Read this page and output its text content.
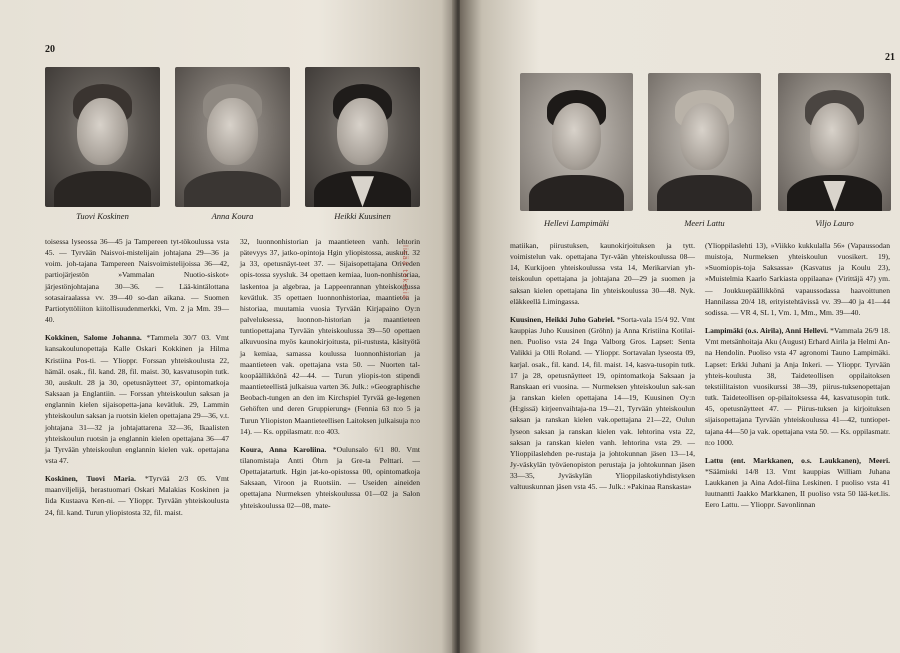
20
Tuovi Koskinen	Anna Koura	Heikki Kuusinen

toisessa lyseossa 36—45 ja Tampereen tyt-tökoulussa vsta 45. — Tyrvään Naisvoi-mistelijain johtajana 29—36 ja voim. joh-tajana Tampereen Naisvoimistelijoissa 36—42, partiojärjestön »Vammalan Nuotio-siskot» järjestönjohtajana 30—36. — Lää-kintälottana sotasairaalassa vv. 39—40 so-dan aikana. — Suomen Partiotyttöliiton kiitollisuudenmerkki, Vm. 2 ja Mm. 39—40.

Kokkinen, Salome Johanna. *Tammela 30/7 03. Vmt kansakoulunopettaja Kalle Oskari Kokkinen ja Hilma Kristiina Pos-ti. — Ylioppr. Forssan yhteiskoulusta 22, hämäl. osak., fil. kand. 28, fil. maist. 30, kasvatusopin tutk. 30, auskult. 28 ja 30, opetusnäytteet 37, opintomatkoja Saksaan ja Englantiin. — Forssan yhteiskoulun saksan ja englannin kielen sijaisopetta-jana kevätluk. 29, Lammin yhteiskoulun saksan ja ruotsin kielen opettajana 29—36, v.t. johtajana 31—32 ja johtajattarena 32—36, Ikaalisten yhteiskoulun ruotsin ja englannin kielen opettajana 36—47 ja Tyrvään yhteiskoulun englannin kielen vak. opettajana vsta 47.

Koskinen, Tuovi Maria. *Tyrvää 2/3 05. Vmt maanviljelijä, herastuomari Oskari Malakias Koskinen ja Iida Kustaava Ken-ni. — Ylioppr. Tyrvään yhteiskoulusta 24, fil. kand. Turun yliopistosta 32, fil. maist.

32, luonnonhistorian ja maantieteen vanh. lehtorin pätevyys 37, jatko-opintoja Hgin yliopistossa, auskult. 32 ja 33, opetusnäyt-teet 37. — Sijaisopettajana Oriveden opis-tossa syysluk. 34 opettaen kemiaa, luon-nonhistoriaa, laskentoa ja algebraa, ja Lappeenrannan yhteiskoulussa kevätluk. 35 opettaen luonnonhistoriaa, maantietoa ja historiaa, muutamia vuosia Tyrvään Kirjapaino Oy:n palveluksessa, luonnon-historian ja maantieteen tuntiopettajana Tyrvään yhteiskoulussa 39—50 opettaen alkuvuosina myös kaunokirjoitusta, pii-rustusta, käsityötä ja kemiaa, samassa koulussa luonnonhistorian ja maantieteen vak. opettajana vsta 50. — Nuorten tal-koopäällikkönä 42—44. — Turun yliopis-ton stipendi maantieteellistä julkaisua varten 36. Julk.: »Geographische Beobach-tungen an den im Kirchspiel Tyrvää ge-legenen Gehöften und deren Gruppierung» (Fennia 63 n:o 5 ja Turun Yliopiston Maantieteellisen Laitoksen julkaisuja n:o 14). — Ks. oppilasmatr. n:o 403.

Koura, Anna Karoliina. *Oulunsalo 6/1 80. Vmt tilanomistaja Antti Öhrn ja Gre-ta Pelttari. — Opettajatartutk. Hgin jat-ko-opistossa 00, opintomatkoja Saksaan, Viroon ja Ruotsiin. — Useiden aineiden opettajana Nurmeksen yhteiskoulussa 01—02 ja Salon yhteiskoulussa 02—08, mate-

21
Hellevi Lampimäki	Meeri Lattu	Viljo Lauro

matiikan, piirustuksen, kaunokirjoituksen ja tytt. voimistelun vak. opettajana Tyr-vään yhteiskoulussa 08—14, Kurkijoen yhteiskoulussa vsta 14, Merikarvian yh-teiskoulun opettajana ja johtajana 20—29 ja suomen ja saksan kielen opettajana Iin yhteiskoulussa 30—48. Nyk. eläkkeellä Limingassa.

Kuusinen, Heikki Juho Gabriel. *Sorta-vala 15/4 92. Vmt kauppias Juho Kuusinen (Gröhn) ja Anna Kristiina Kotilai-nen. Puoliso vsta 24 Inga Valborg Gros. Lapset: Senta Valikki ja Olli Roland. — Ylioppr. Sortavalan lyseosta 09, karjal. osak., fil. kand. 14, fil. maist. 14, kasva-tusopin tutk. 17 ja 28, opetusnäytteet 19, opintomatkoja Saksaan ja Ranskaan eri vuosina. — Nurmeksen yhteiskoulun sak-san ja ranskan kielen opettajana 14—19, Kuusinen Oy:n (H:gissä) kirjeenvaihtaja-na 19—21, Tyrvään yhteiskoulun saksan ja ranskan kielen vak.opettajana 21—22, Oulun lyseon saksan ja ranskan kielen vak. lehtorina vsta 22, saksan ja ranskan kielen vanh. lehtorina vsta 29. — Ylioppilaslehden pe-rustaja ja johtokunnan jäsen 13—14, Jy-väskylän työväenopiston perustaja ja johtokunnan jäsen 33—35, Jyväskylän Ylioppilaskotiyhdistyksen valtuuskunnan jäsen vsta 45. — Julk.: »Pakinaa Ranskasta»

(Ylioppilaslehti 13), »Viikko kukkulalla 56» (Vapaussodan muistoja, Nurmeksen yhteiskoulun vuosikert. 19), »Suomiopis-toja Saksassa» (Kasvatus ja Koulu 23), »Muistelmia Kaarlo Sarkiasta oppilaana» (Virittäjä 47) ym. — Joukkuepäällikkönä vapaussodassa haavoittunen Hannilassa 20/4 18, erityistehtävissä vv. 39—40 ja 41—44 sodissa. — VR 4, SL 1, Vm. 1, Mm., Mm. 39—40.

Lampimäki (o.s. Airila), Anni Hellevi. *Vammala 26/9 18. Vmt metsänhoitaja Aku (August) Erhard Airila ja Helmi An-na Hendolin. Puoliso vsta 47 agronomi Tauno Lampimäki. Lapset: Erkki Juhani ja Anja Inkeri. — Ylioppr. Tyrvään yhteis-koulusta 38, Taideteollisen oppilaitoksen tekstiilitaiston vuosikurssi 38—39, piirus-tuksenopettajan tutk. Taideteollisen op-pilaitoksessa 44, kasvatusopin tutk. 45, opetusnäytteet 47. — Piirus-tuksen ja kirjoituksen sijaisopettajana Tyrvään yhteiskoulussa 41—42, tuntiopet-tajana 44—50 ja vak. opettajana vsta 50. — Ks. oppilasmatr. n:o 1000.

Lattu (ent. Markkanen, o.s. Laukkanen), Meeri. *Säämінki 14/8 13. Vmt kauppias William Juhana Laukkanen ja Aina Adol-fiina Leskinen. I puoliso vsta 41 luutnantti Jaakko Markkanen, II puoliso vsta 50 lää-ket.lis. Eero Lattu. — Ylioppr. Savonlinnan

lisää tekstiä
